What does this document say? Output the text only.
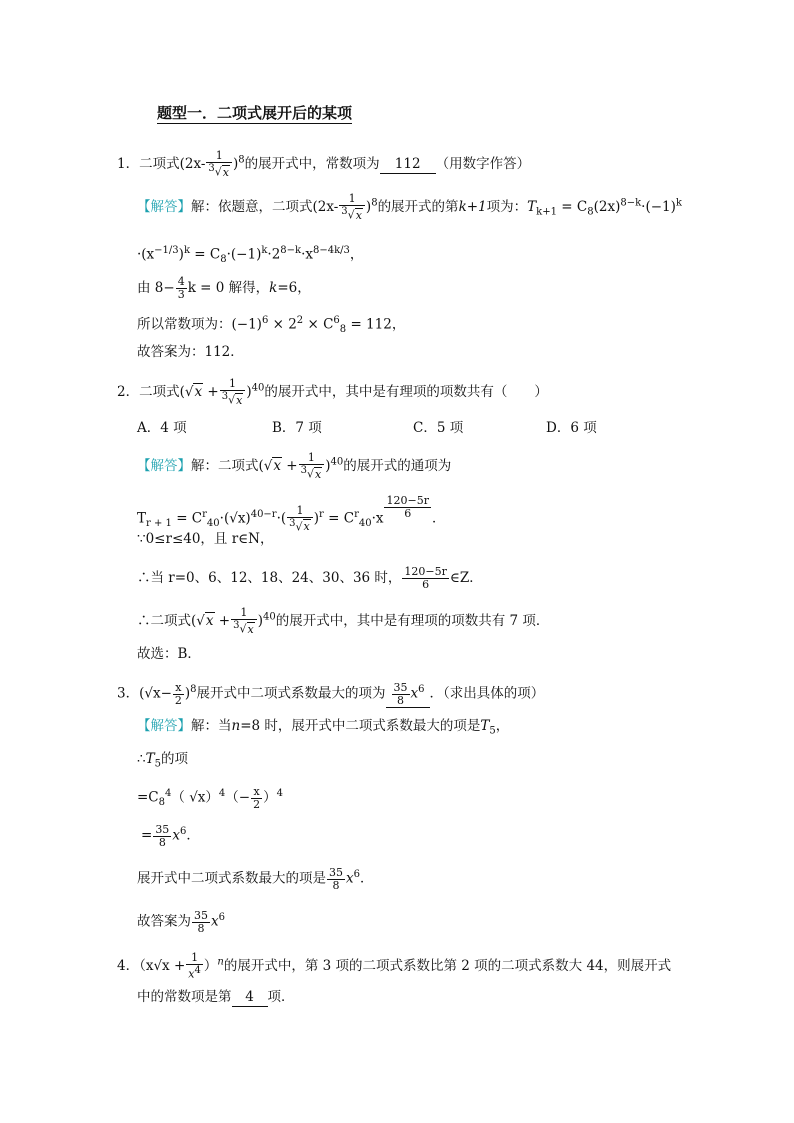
题型一．二项式展开后的某项
1．二项式$(2x- \frac{1}{3√x} )^8$的展开式中，常数项为 112 （用数字作答）
【解答】解：依题意，二项式$(2x- \frac{1}{3√x} )^8$的展开式的第k+1项为：$T_{k+1} = C_8(2x)^{8-k}\cdot(-1)^k$
$\cdot(x^{-1/3})^k = C_8\cdot(-1)^k\cdot 2^{8-k}\cdot x^{8-4k/3}$，
由 $8- \frac{4}{3}$ k = 0 解得，k=6，
所以常数项为：$(-1)^6 \times 2^2 \times C^6_8 = 112$，
故答案为：112．
2．二项式$(√x + \frac{1}{3√x} )^{40}$的展开式中，其中是有理项的项数共有（　　）
A．4 项	B．7 项	C．5 项	D．6 项
【解答】解：二项式$(√x + \frac{1}{3√x} )^{40}$的展开式的通项为
$T_{r + 1} = C^r_{40}\cdot(√x)^{40-r}\cdot( \frac{1}{3√x} )^r = C^r_{40}\cdot x \frac{120-5r}{6}$ ．
∵0≤r≤40，且 r∈N，
∴当 r=0、6、12、18、24、30、36 时， $\frac{120-5r}{6}$ ∈Z．
∴二项式$(√x + \frac{1}{3√x} )^{40}$的展开式中，其中是有理项的项数共有 7 项．
故选：B．
3．$(√x- \frac{x}{2} )^8$展开式中二项式系数最大的项为 $\frac{35}{8} x^6$ ．（求出具体的项）
【解答】解：当n=8 时，展开式中二项式系数最大的项是$T_5$，
$\therefore T_5$的项
$=C_8^4$（ $√x)^4(- \frac{x}{2} )^4$
= $\frac{35}{8} x^6$．
展开式中二项式系数最大的项是 $\frac{35}{8} x^6$．
故答案为 $\frac{35}{8} x^6$
4．$(x√x + \frac{1}{x4} )^n$的展开式中，第 3 项的二项式系数比第 2 项的二项式系数大 44，则展开式
中的常数项是第 4 项．
